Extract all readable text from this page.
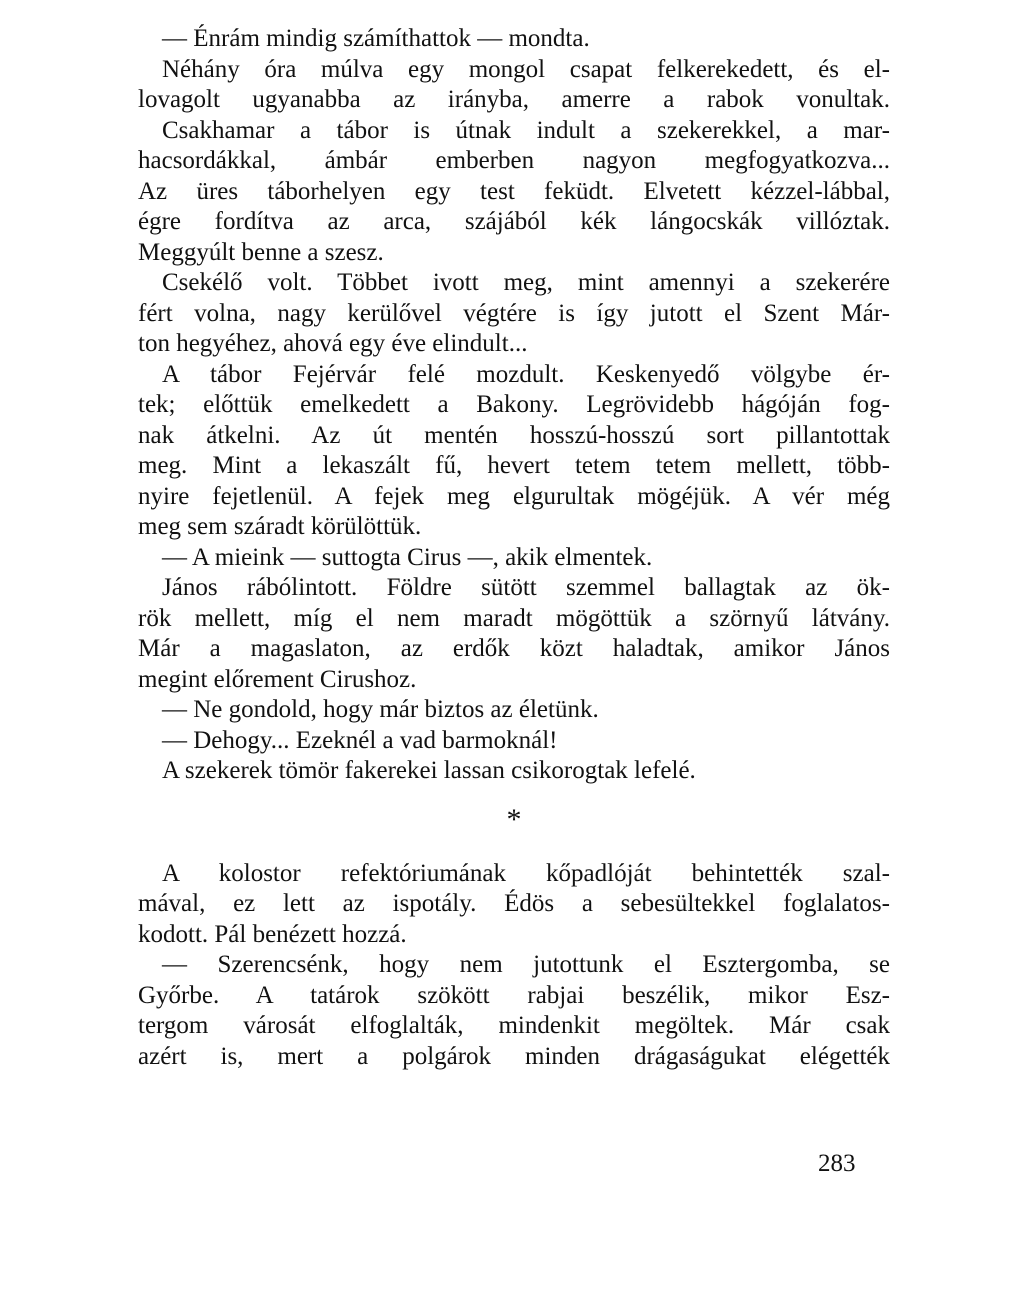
— Énrám mindig számíthattok — mondta.
Néhány óra múlva egy mongol csapat felkerekedett, és el-
lovagolt ugyanabba az irányba, amerre a rabok vonultak.
Csakhamar a tábor is útnak indult a szekerekkel, a mar-
hacsordákkal, ámbár emberben nagyon megfogyatkozva...
Az üres táborhelyen egy test feküdt. Elvetett kézzel-lábbal,
égre fordítva az arca, szájából kék lángocskák villóztak.
Meggyúlt benne a szesz.
Csekélő volt. Többet ivott meg, mint amennyi a szekerére
fért volna, nagy kerülővel végtére is így jutott el Szent Már-
ton hegyéhez, ahová egy éve elindult...
A tábor Fejérvár felé mozdult. Keskenyedő völgybe ér-
tek; előttük emelkedett a Bakony. Legrövidebb hágóján fog-
nak átkelni. Az út mentén hosszú-hosszú sort pillantottak
meg. Mint a lekaszált fű, hevert tetem tetem mellett, több-
nyire fejetlenül. A fejek meg elgurultak mögéjük. A vér még
meg sem száradt körülöttük.
— A mieink — suttogta Cirus —, akik elmentek.
János rábólintott. Földre sütött szemmel ballagtak az ök-
rök mellett, míg el nem maradt mögöttük a szörnyű látvány.
Már a magaslaton, az erdők közt haladtak, amikor János
megint előrement Cirushoz.
— Ne gondold, hogy már biztos az életünk.
— Dehogy... Ezeknél a vad barmoknál!
A szekerek tömör fakerekei lassan csikorogtak lefelé.
*
A kolostor refektóriumának kőpadlóját behintették szal-
mával, ez lett az ispotály. Édös a sebesültekkel foglalatos-
kodott. Pál benézett hozzá.
— Szerencsénk, hogy nem jutottunk el Esztergomba, se
Győrbe. A tatárok szökött rabjai beszélik, mikor Esz-
tergom városát elfoglalták, mindenkit megöltek. Már csak
azért is, mert a polgárok minden drágaságukat elégették
283
